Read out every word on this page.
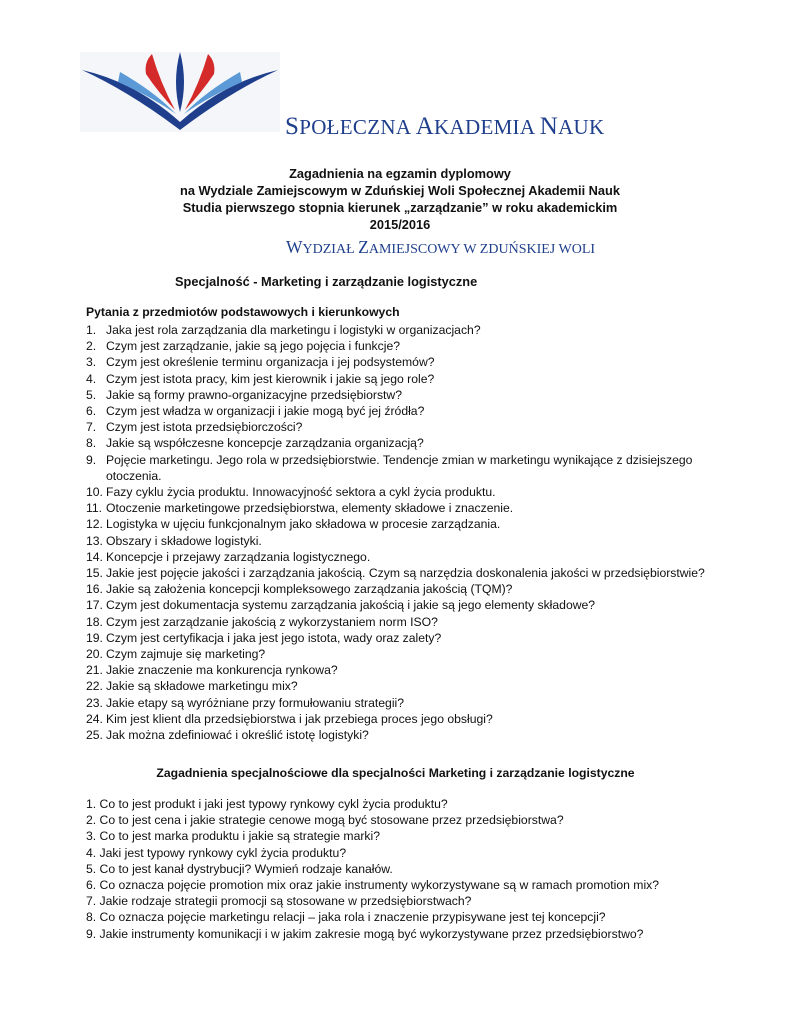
SPOŁECZNA AKADEMIA NAUK
Zagadnienia na egzamin dyplomowy
na Wydziale Zamiejscowym w Zduńskiej Woli Społecznej Akademii Nauk
Studia pierwszego stopnia kierunek „zarządzanie” w roku akademickim
2015/2016
WYDZIAŁ ZAMIEJSCOWY W ZDUŃSKIEJ WOLI
Specjalność - Marketing i zarządzanie logistyczne
Pytania z przedmiotów podstawowych i kierunkowych
1. Jaka jest rola zarządzania dla marketingu i logistyki w organizacjach?
2. Czym jest zarządzanie, jakie są jego pojęcia i funkcje?
3. Czym jest określenie terminu organizacja i jej podsystemów?
4. Czym jest istota pracy, kim jest kierownik i jakie są jego role?
5. Jakie są formy prawno-organizacyjne przedsiębiorstw?
6. Czym jest władza w organizacji i jakie mogą być jej źródła?
7. Czym jest istota przedsiębiorczości?
8. Jakie są współczesne koncepcje zarządzania organizacją?
9. Pojęcie marketingu. Jego rola w przedsiębiorstwie. Tendencje zmian w marketingu wynikające z dzisiejszego otoczenia.
10. Fazy cyklu życia produktu. Innowacyjność sektora a cykl życia produktu.
11. Otoczenie marketingowe przedsiębiorstwa, elementy składowe i znaczenie.
12. Logistyka w ujęciu funkcjonalnym jako składowa w procesie zarządzania.
13. Obszary i składowe logistyki.
14. Koncepcje i przejawy zarządzania logistycznego.
15. Jakie jest pojęcie jakości i zarządzania jakością. Czym są narzędzia doskonalenia jakości w przedsiębiorstwie?
16. Jakie są założenia koncepcji kompleksowego zarządzania jakością (TQM)?
17. Czym jest dokumentacja systemu zarządzania jakością i jakie są jego elementy składowe?
18. Czym jest zarządzanie jakością z wykorzystaniem norm ISO?
19. Czym jest certyfikacja i jaka jest jego istota, wady oraz zalety?
20. Czym zajmuje się marketing?
21. Jakie znaczenie ma konkurencja rynkowa?
22. Jakie są składowe marketingu mix?
23. Jakie etapy są wyróżniane przy formułowaniu strategii?
24. Kim jest klient dla przedsiębiorstwa i jak przebiega proces jego obsługi?
25. Jak można zdefiniować i określić istotę logistyki?
Zagadnienia specjalnościowe dla specjalności Marketing i zarządzanie logistyczne
1. Co to jest produkt i jaki jest typowy rynkowy cykl życia produktu?
2. Co to jest cena i jakie strategie cenowe mogą być stosowane przez przedsiębiorstwa?
3. Co to jest marka produktu i jakie są strategie marki?
4. Jaki jest typowy rynkowy cykl życia produktu?
5. Co to jest kanał dystrybucji? Wymień rodzaje kanałów.
6. Co oznacza pojęcie promotion mix oraz jakie instrumenty wykorzystywane są w ramach promotion mix?
7. Jakie rodzaje strategii promocji są stosowane w przedsiębiorstwach?
8. Co oznacza pojęcie marketingu relacji – jaka rola i znaczenie przypisywane jest tej koncepcji?
9. Jakie instrumenty komunikacji i w jakim zakresie mogą być wykorzystywane przez przedsiębiorstwo?
